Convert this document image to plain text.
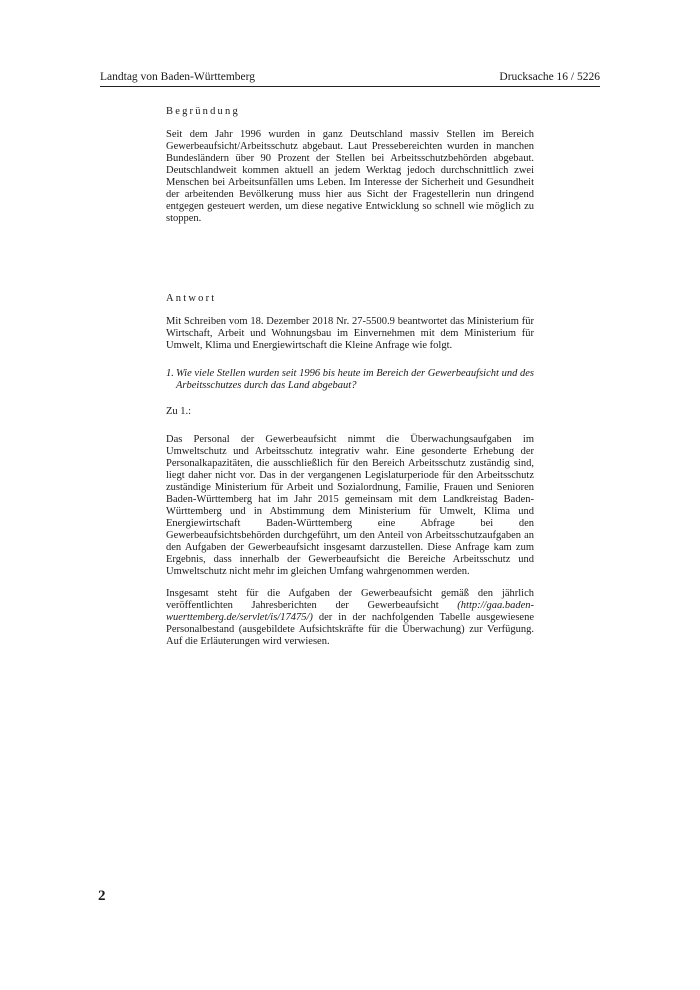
Landtag von Baden-Württemberg	Drucksache 16 / 5226
Begründung

Seit dem Jahr 1996 wurden in ganz Deutschland massiv Stellen im Bereich Gewerbeaufsicht/Arbeitsschutz abgebaut. Laut Pressebereichten wurden in manchen Bundesländern über 90 Prozent der Stellen bei Arbeitsschutzbehörden abgebaut. Deutschlandweit kommen aktuell an jedem Werktag jedoch durchschnittlich zwei Menschen bei Arbeitsunfällen ums Leben. Im Interesse der Sicherheit und Gesundheit der arbeitenden Bevölkerung muss hier aus Sicht der Fragestellerin nun dringend entgegen gesteuert werden, um diese negative Entwicklung so schnell wie möglich zu stoppen.

Antwort

Mit Schreiben vom 18. Dezember 2018 Nr. 27-5500.9 beantwortet das Ministerium für Wirtschaft, Arbeit und Wohnungsbau im Einvernehmen mit dem Ministerium für Umwelt, Klima und Energiewirtschaft die Kleine Anfrage wie folgt.

1. Wie viele Stellen wurden seit 1996 bis heute im Bereich der Gewerbeaufsicht und des Arbeitsschutzes durch das Land abgebaut?
Zu 1.:

Das Personal der Gewerbeaufsicht nimmt die Überwachungsaufgaben im Umweltschutz und Arbeitsschutz integrativ wahr. Eine gesonderte Erhebung der Personalkapazitäten, die ausschließlich für den Bereich Arbeitsschutz zuständig sind, liegt daher nicht vor. Das in der vergangenen Legislaturperiode für den Arbeitsschutz zuständige Ministerium für Arbeit und Sozialordnung, Familie, Frauen und Senioren Baden-Württemberg hat im Jahr 2015 gemeinsam mit dem Landkreistag Baden-Württemberg und in Abstimmung dem Ministerium für Umwelt, Klima und Energiewirtschaft Baden-Württemberg eine Abfrage bei den Gewerbeaufsichtsbehörden durchgeführt, um den Anteil von Arbeitsschutzaufgaben an den Aufgaben der Gewerbeaufsicht insgesamt darzustellen. Diese Anfrage kam zum Ergebnis, dass innerhalb der Gewerbeaufsicht die Bereiche Arbeitsschutz und Umweltschutz nicht mehr im gleichen Umfang wahrgenommen werden.

Insgesamt steht für die Aufgaben der Gewerbeaufsicht gemäß den jährlich veröffentlichten Jahresberichten der Gewerbeaufsicht (http://gaa.baden-wuerttemberg.de/servlet/is/17475/) der in der nachfolgenden Tabelle ausgewiesene Personalbestand (ausgebildete Aufsichtskräfte für die Überwachung) zur Verfügung. Auf die Erläuterungen wird verwiesen.

2
